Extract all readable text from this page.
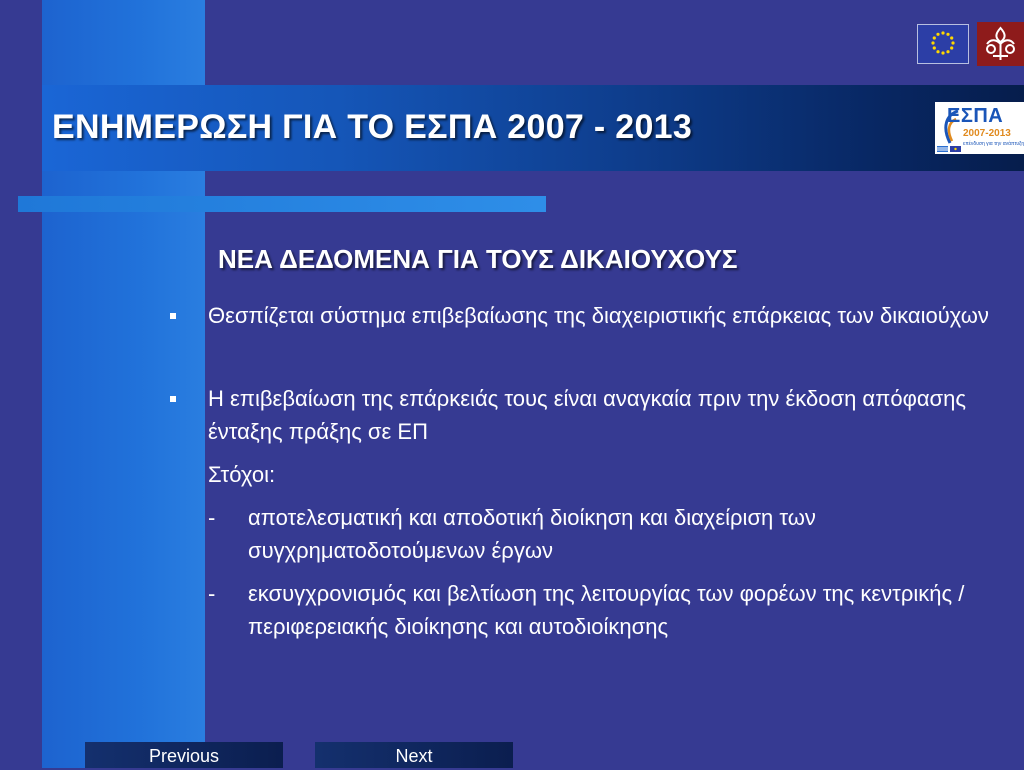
ΕΝΗΜΕΡΩΣΗ ΓΙΑ ΤΟ ΕΣΠΑ 2007 - 2013	ΕΣΠΑ
2007-2013
επένδυση για την ανάπτυξη
ΝΕΑ ΔΕΔΟΜΕΝΑ ΓΙΑ ΤΟΥΣ ΔΙΚΑΙΟΥΧΟΥΣ
Θεσπίζεται σύστημα επιβεβαίωσης της διαχειριστικής επάρκειας των δικαιούχων
Η επιβεβαίωση της επάρκειάς τους είναι αναγκαία πριν την έκδοση απόφασης ένταξης πράξης σε ΕΠ
Στόχοι:
- αποτελεσματική και αποδοτική διοίκηση και διαχείριση των συγχρηματοδοτούμενων έργων
- εκσυγχρονισμός και βελτίωση της λειτουργίας των φορέων της κεντρικής / περιφερειακής διοίκησης και αυτοδιοίκησης
Previous	Next
